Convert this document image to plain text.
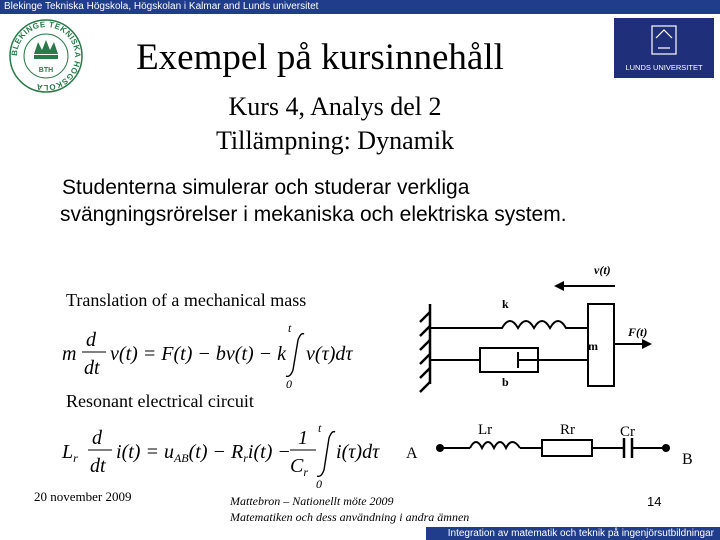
Blekinge Tekniska Högskola, Högskolan i Kalmar and Lunds universitet
BLEKINGE TEKNISKA HÖGSKOLA
BTH	LUNDS UNIVERSITET
Exempel på kursinnehåll
Kurs 4, Analys del 2
Tillämpning: Dynamik
Studenterna simulerar och studerar verkliga
svängningsrörelser i mekaniska och elektriska system.
Translation of a mechanical mass
m
d
dt
v(t) = F(t) − bv(t) − k
t
0
v(τ)dτ
Resonant electrical circuit
$L_r$
d
dt
$i(t) = u_{AB}(t) - R_ri(t)$ −
1
$C_r$
t
0
i(τ)dτ
v(t)
k
b
m
F(t)
A	B
Lr	Rr	Cr
20 november 2009	Mattebron – Nationellt möte 2009
Matematiken och dess användning i andra ämnen
14
Integration av matematik och teknik på ingenjörsutbildningar
